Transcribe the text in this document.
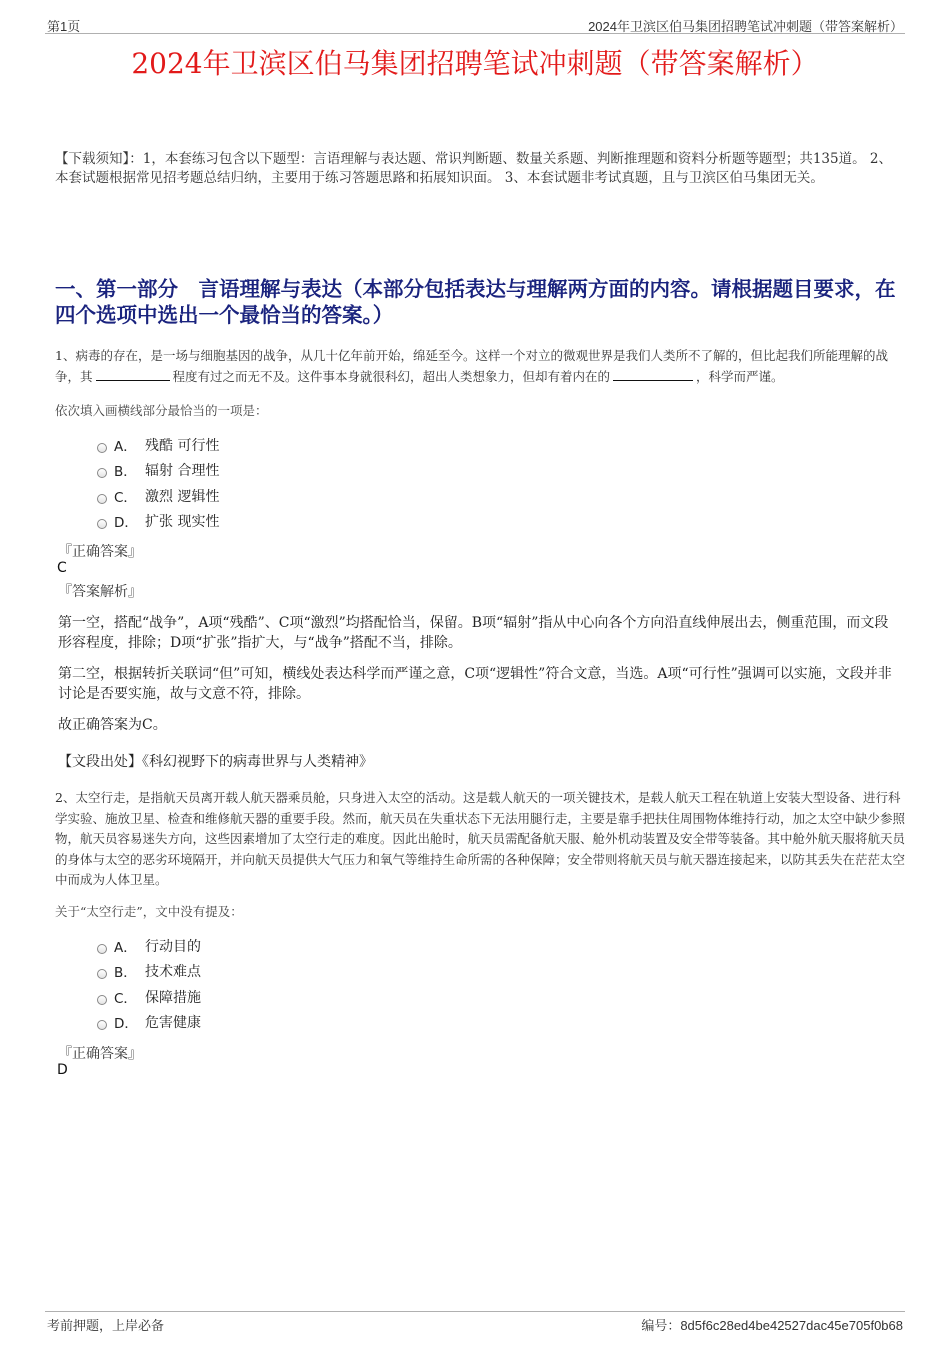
第1页	2024年卫滨区伯马集团招聘笔试冲刺题（带答案解析）
2024年卫滨区伯马集团招聘笔试冲刺题（带答案解析）

【下载须知】：1，本套练习包含以下题型：言语理解与表达题、常识判断题、数量关系题、判断推理题和资料分析题等题型；共135道。 2、本套试题根据常见招考题总结归纳，主要用于练习答题思路和拓展知识面。 3、本套试题非考试真题，且与卫滨区伯马集团无关。

一、第一部分　言语理解与表达（本部分包括表达与理解两方面的内容。请根据题目要求，在四个选项中选出一个最恰当的答案。）

1、病毒的存在，是一场与细胞基因的战争，从几十亿年前开始，绵延至今。这样一个对立的微观世界是我们人类所不了解的，但比起我们所能理解的战争，其	程度有过之而无不及。这件事本身就很科幻，超出人类想象力，但却有着内在的	，科学而严谨。

依次填入画横线部分最恰当的一项是：

A． 残酷 可行性
B． 辐射 合理性
C． 激烈 逻辑性
D． 扩张 现实性

『正确答案』

C

『答案解析』

第一空，搭配“战争”，A项“残酷”、C项“激烈”均搭配恰当，保留。B项“辐射”指从中心向各个方向沿直线伸展出去，侧重范围，而文段形容程度，排除；D项“扩张”指扩大，与“战争”搭配不当，排除。

第二空，根据转折关联词“但”可知，横线处表达科学而严谨之意，C项“逻辑性”符合文意，当选。A项“可行性”强调可以实施，文段并非讨论是否要实施，故与文意不符，排除。

故正确答案为C。

【文段出处】《科幻视野下的病毒世界与人类精神》

2、太空行走，是指航天员离开载人航天器乘员舱，只身进入太空的活动。这是载人航天的一项关键技术，是载人航天工程在轨道上安装大型设备、进行科学实验、施放卫星、检查和维修航天器的重要手段。然而，航天员在失重状态下无法用腿行走，主要是靠手把扶住周围物体维持行动，加之太空中缺少参照物，航天员容易迷失方向，这些因素增加了太空行走的难度。因此出舱时，航天员需配备航天服、舱外机动装置及安全带等装备。其中舱外航天服将航天员的身体与太空的恶劣环境隔开，并向航天员提供大气压力和氧气等维持生命所需的各种保障；安全带则将航天员与航天器连接起来，以防其丢失在茫茫太空中而成为人体卫星。

关于“太空行走”，文中没有提及：

A． 行动目的
B． 技术难点
C． 保障措施
D． 危害健康

『正确答案』

D

考前押题，上岸必备	编号：8d5f6c28ed4be42527dac45e705f0b68
